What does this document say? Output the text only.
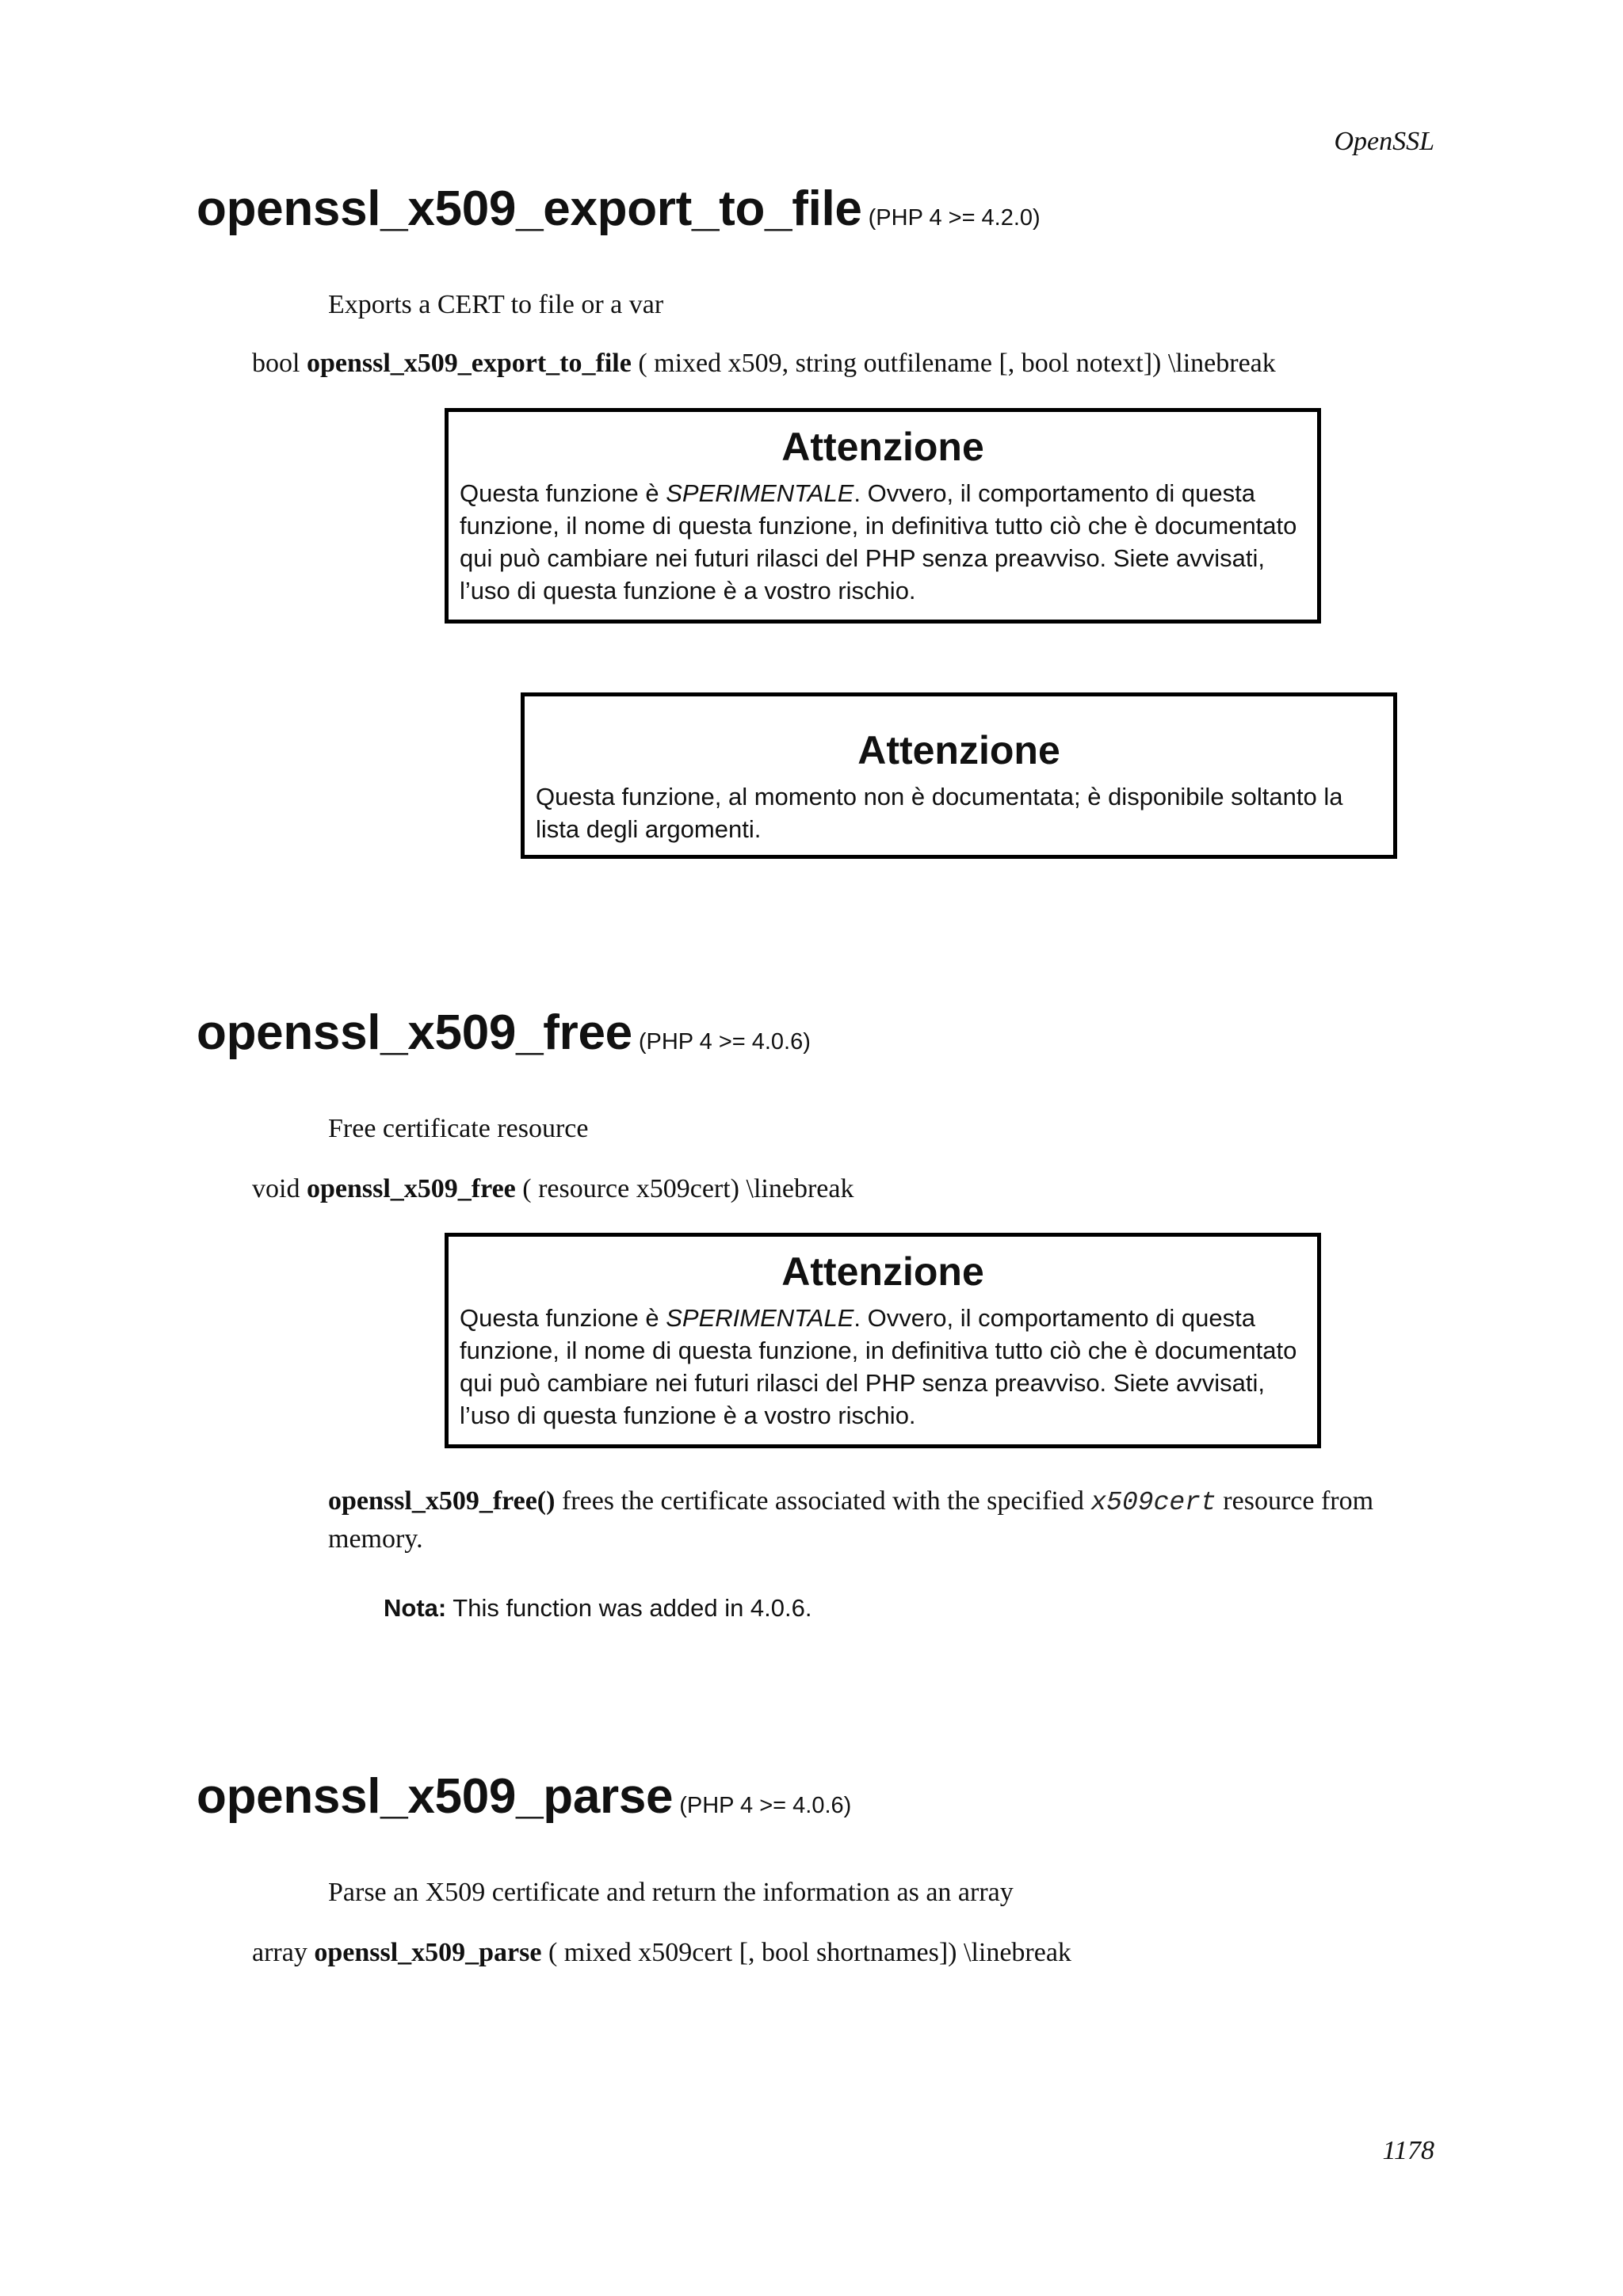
OpenSSL
openssl_x509_export_to_file (PHP 4 >= 4.2.0)
Exports a CERT to file or a var
bool openssl_x509_export_to_file ( mixed x509, string outfilename [, bool notext]) \linebreak
Attenzione
Questa funzione è SPERIMENTALE. Ovvero, il comportamento di questa
funzione, il nome di questa funzione, in definitiva tutto ciò che è documentato
qui può cambiare nei futuri rilasci del PHP senza preavviso. Siete avvisati,
l’uso di questa funzione è a vostro rischio.
Attenzione
Questa funzione, al momento non è documentata; è disponibile soltanto la
lista degli argomenti.
openssl_x509_free (PHP 4 >= 4.0.6)
Free certificate resource
void openssl_x509_free ( resource x509cert) \linebreak
Attenzione
Questa funzione è SPERIMENTALE. Ovvero, il comportamento di questa
funzione, il nome di questa funzione, in definitiva tutto ciò che è documentato
qui può cambiare nei futuri rilasci del PHP senza preavviso. Siete avvisati,
l’uso di questa funzione è a vostro rischio.
openssl_x509_free() frees the certificate associated with the specified x509cert resource from memory.
Nota: This function was added in 4.0.6.
openssl_x509_parse (PHP 4 >= 4.0.6)
Parse an X509 certificate and return the information as an array
array openssl_x509_parse ( mixed x509cert [, bool shortnames]) \linebreak
1178
